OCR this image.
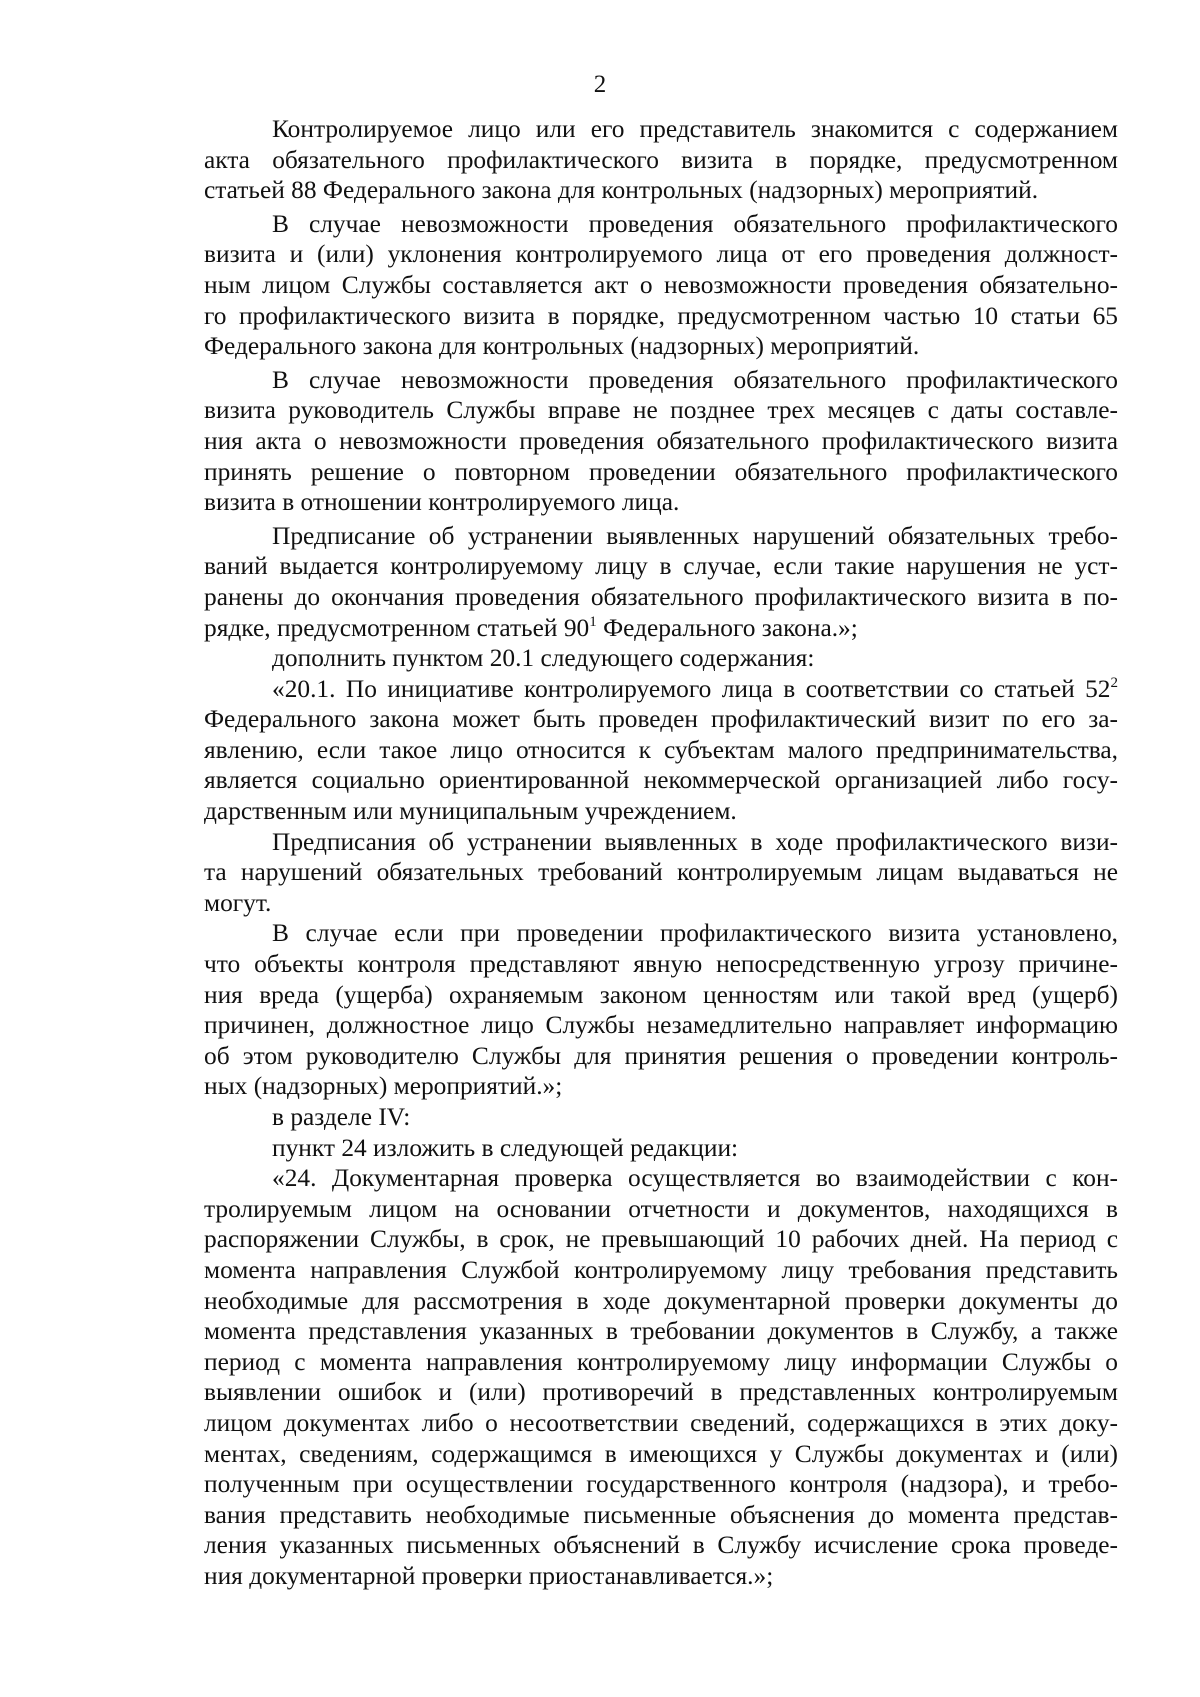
2
Контролируемое лицо или его представитель знакомится с содержанием
акта обязательного профилактического визита в порядке, предусмотренном
статьей 88 Федерального закона для контрольных (надзорных) мероприятий.
В случае невозможности проведения обязательного профилактического
визита и (или) уклонения контролируемого лица от его проведения должност-
ным лицом Службы составляется акт о невозможности проведения обязательно-
го профилактического визита в порядке, предусмотренном частью 10 статьи 65
Федерального закона для контрольных (надзорных) мероприятий.
В случае невозможности проведения обязательного профилактического
визита руководитель Службы вправе не позднее трех месяцев с даты составле-
ния акта о невозможности проведения обязательного профилактического визита
принять решение о повторном проведении обязательного профилактического
визита в отношении контролируемого лица.
Предписание об устранении выявленных нарушений обязательных требо-
ваний выдается контролируемому лицу в случае, если такие нарушения не уст-
ранены до окончания проведения обязательного профилактического визита в по-
рядке, предусмотренном статьей $90^1$ Федерального закона.»;
дополнить пунктом 20.1 следующего содержания:
«20.1. По инициативе контролируемого лица в соответствии со статьей $52^2$
Федерального закона может быть проведен профилактический визит по его за-
явлению, если такое лицо относится к субъектам малого предпринимательства,
является социально ориентированной некоммерческой организацией либо госу-
дарственным или муниципальным учреждением.
Предписания об устранении выявленных в ходе профилактического визи-
та нарушений обязательных требований контролируемым лицам выдаваться не
могут.
В случае если при проведении профилактического визита установлено,
что объекты контроля представляют явную непосредственную угрозу причине-
ния вреда (ущерба) охраняемым законом ценностям или такой вред (ущерб)
причинен, должностное лицо Службы незамедлительно направляет информацию
об этом руководителю Службы для принятия решения о проведении контроль-
ных (надзорных) мероприятий.»;
в разделе IV:
пункт 24 изложить в следующей редакции:
«24. Документарная проверка осуществляется во взаимодействии с кон-
тролируемым лицом на основании отчетности и документов, находящихся в
распоряжении Службы, в срок, не превышающий 10 рабочих дней. На период с
момента направления Службой контролируемому лицу требования представить
необходимые для рассмотрения в ходе документарной проверки документы до
момента представления указанных в требовании документов в Службу, а также
период с момента направления контролируемому лицу информации Службы о
выявлении ошибок и (или) противоречий в представленных контролируемым
лицом документах либо о несоответствии сведений, содержащихся в этих доку-
ментах, сведениям, содержащимся в имеющихся у Службы документах и (или)
полученным при осуществлении государственного контроля (надзора), и требо-
вания представить необходимые письменные объяснения до момента представ-
ления указанных письменных объяснений в Службу исчисление срока проведе-
ния документарной проверки приостанавливается.»;
